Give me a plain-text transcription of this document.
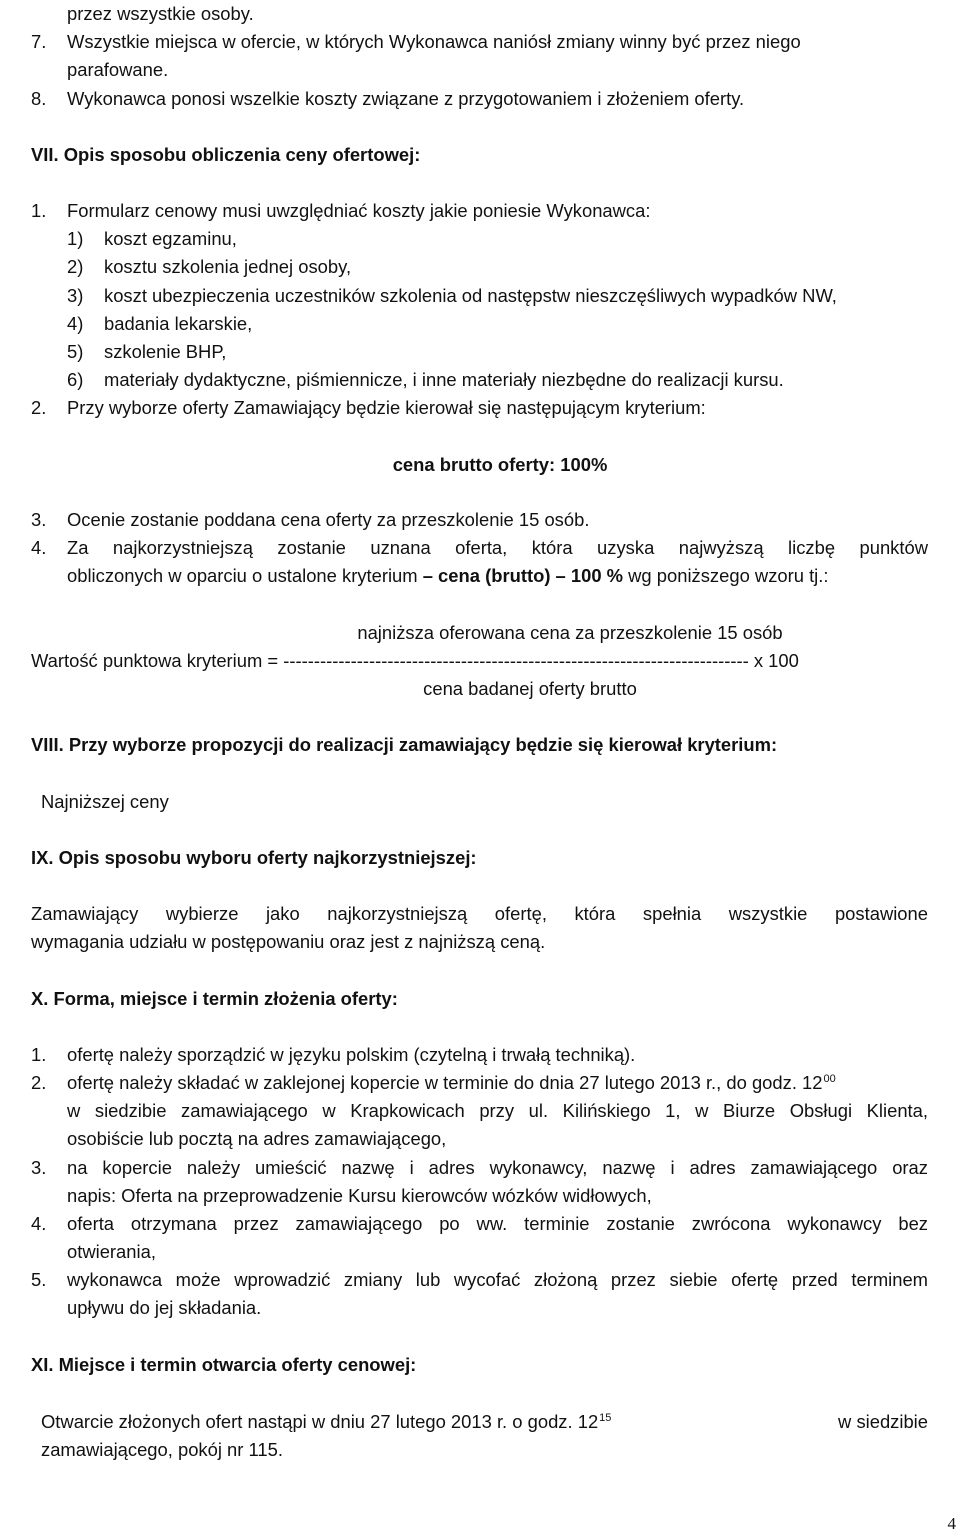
przez wszystkie osoby.
7. Wszystkie miejsca w ofercie, w których Wykonawca naniósł zmiany winny być przez niego
parafowane.
8. Wykonawca ponosi wszelkie koszty związane z przygotowaniem i złożeniem oferty.
VII. Opis sposobu obliczenia ceny ofertowej:
1. Formularz cenowy musi uwzględniać koszty jakie poniesie Wykonawca:
1) koszt egzaminu,
2) kosztu szkolenia jednej osoby,
3) koszt ubezpieczenia uczestników szkolenia od następstw nieszczęśliwych wypadków NW,
4) badania lekarskie,
5) szkolenie BHP,
6) materiały dydaktyczne, piśmiennicze, i inne materiały niezbędne do realizacji kursu.
2. Przy wyborze oferty Zamawiający będzie kierował się następującym kryterium:
cena brutto oferty: 100%
3. Ocenie zostanie poddana cena oferty za przeszkolenie 15 osób.
4. Za najkorzystniejszą zostanie uznana oferta, która uzyska najwyższą liczbę punktów
obliczonych w oparciu o ustalone kryterium – cena (brutto) – 100 % wg poniższego wzoru tj.:
najniższa oferowana cena za przeszkolenie 15 osób
Wartość punktowa kryterium = ---------------------------------------------------------------------------- x 100
cena badanej oferty brutto
VIII. Przy wyborze propozycji do realizacji zamawiający będzie się kierował kryterium:
Najniższej ceny
IX. Opis sposobu wyboru oferty najkorzystniejszej:
Zamawiający wybierze jako najkorzystniejszą ofertę, która spełnia wszystkie postawione
wymagania udziału w postępowaniu oraz jest z najniższą ceną.
X. Forma, miejsce i termin złożenia oferty:
1. ofertę należy sporządzić w języku polskim (czytelną i trwałą techniką).
2. ofertę należy składać w zaklejonej kopercie w terminie do dnia 27 lutego 2013 r., do godz. $12^{00}$
w siedzibie zamawiającego w Krapkowicach przy ul. Kilińskiego 1, w Biurze Obsługi Klienta,
osobiście lub pocztą na adres zamawiającego,
3. na kopercie należy umieścić nazwę i adres wykonawcy, nazwę i adres zamawiającego oraz
napis: Oferta na przeprowadzenie Kursu kierowców wózków widłowych,
4. oferta otrzymana przez zamawiającego po ww. terminie zostanie zwrócona wykonawcy bez
otwierania,
5. wykonawca może wprowadzić zmiany lub wycofać złożoną przez siebie ofertę przed terminem
upływu do jej składania.
XI. Miejsce i termin otwarcia oferty cenowej:
Otwarcie złożonych ofert nastąpi w dniu 27 lutego 2013 r. o godz. $12^{15}$	w siedzibie
zamawiającego, pokój nr 115.
4
